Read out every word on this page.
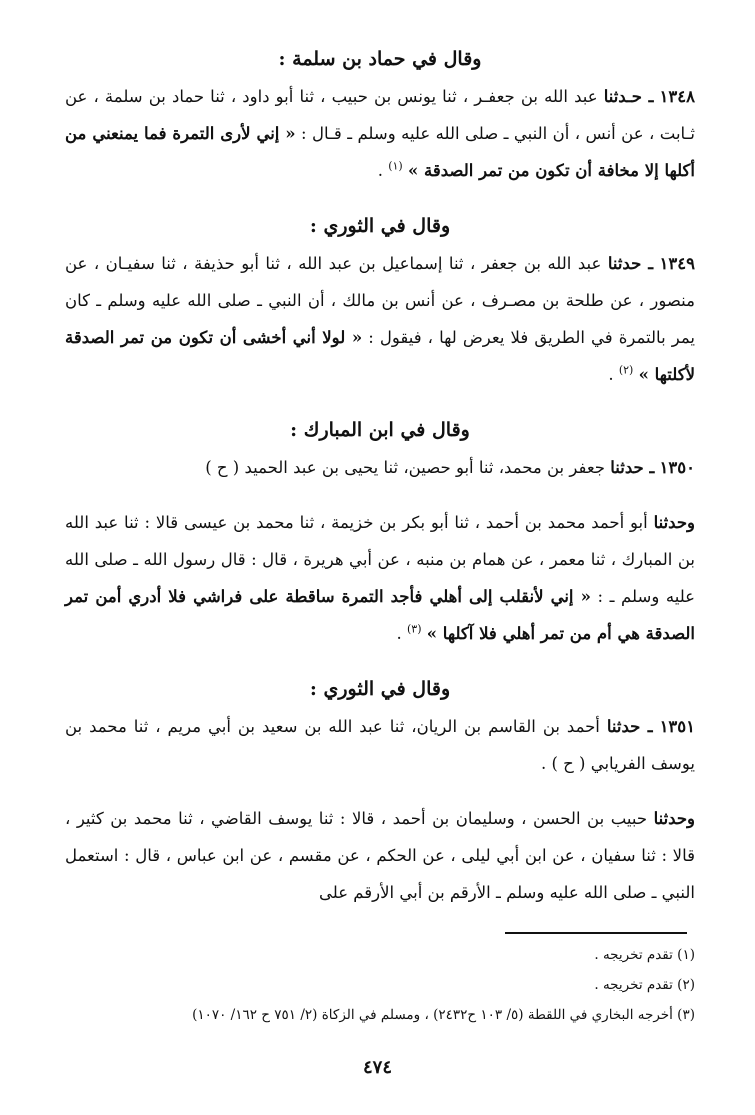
وقال في حماد بن سلمة :

١٣٤٨ ـ حـدثنا عبد الله بن جعفـر ، ثنا يونس بن حبيب ، ثنا أبو داود ، ثنا حماد بن سلمة ، عن ثـابت ، عن أنس ، أن النبي ـ صلى الله عليه وسلم ـ قـال : « إني لأرى التمرة فما يمنعني من أكلها إلا مخافة أن تكون من تمر الصدقة » $^{(١)}$ .

وقال في الثوري :

١٣٤٩ ـ حدثنا عبد الله بن جعفر ، ثنا إسماعيل بن عبد الله ، ثنا أبو حذيفة ، ثنا سفيـان ، عن منصور ، عن طلحة بن مصـرف ، عن أنس بن مالك ، أن النبي ـ صلى الله عليه وسلم ـ كان يمر بالتمرة في الطريق فلا يعرض لها ، فيقول : « لولا أني أخشى أن تكون من تمر الصدقة لأكلتها » $^{(٢)}$ .

وقال في ابن المبارك :

١٣٥٠ ـ حدثنا جعفر بن محمد، ثنا أبو حصين، ثنا يحيى بن عبد الحميد ( ح )

وحدثنا أبو أحمد محمد بن أحمد ، ثنا أبو بكر بن خزيمة ، ثنا محمد بن عيسى قالا : ثنا عبد الله بن المبارك ، ثنا معمر ، عن همام بن منبه ، عن أبي هريرة ، قال : قال رسول الله ـ صلى الله عليه وسلم ـ : « إني لأنقلب إلى أهلي فأجد التمرة ساقطة على فراشي فلا أدري أمن تمر الصدقة هي أم من تمر أهلي فلا آكلها » $^{(٣)}$ .

وقال في الثوري :

١٣٥١ ـ حدثنا أحمد بن القاسم بن الريان، ثنا عبد الله بن سعيد بن أبي مريم ، ثنا محمد بن يوسف الفريابي ( ح ) .

وحدثنا حبيب بن الحسن ، وسليمان بن أحمد ، قالا : ثنا يوسف القاضي ، ثنا محمد بن كثير ، قالا : ثنا سفيان ، عن ابن أبي ليلى ، عن الحكم ، عن مقسم ، عن ابن عباس ، قال : استعمل النبي ـ صلى الله عليه وسلم ـ الأرقم بن أبي الأرقم على

(١) تقدم تخريجه .

(٢) تقدم تخريجه .

(٣) أخرجه البخاري في اللقطة (٥/ ١٠٣ ح٢٤٣٢) ، ومسلم في الزكاة (٢/ ٧٥١ ح ١٦٢/ ١٠٧٠)

٤٧٤
